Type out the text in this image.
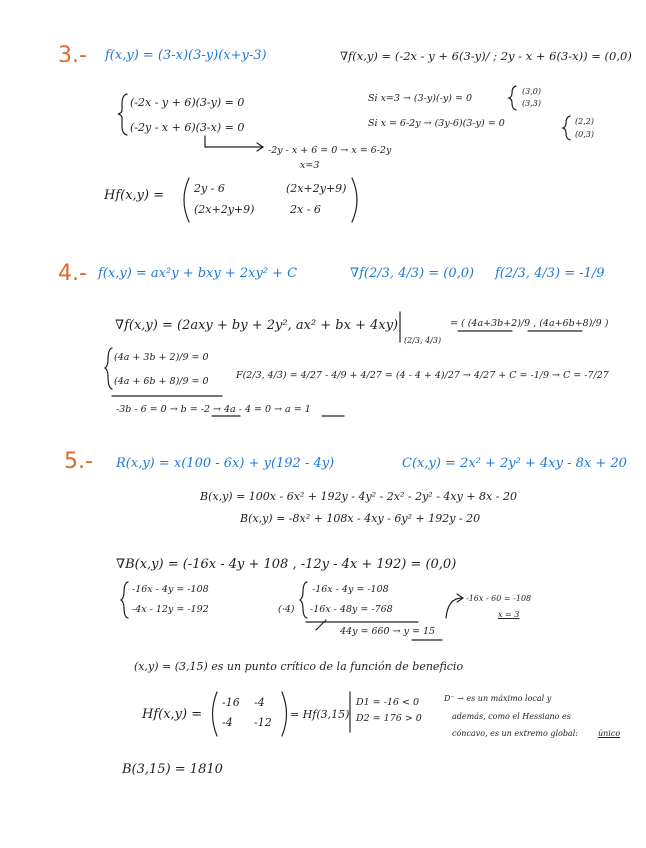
3.- f(x,y) = (3-x)(3-y)(x+y-3)	∇f(x,y) = (-2x - y + 6(3-y)/ ; 2y - x + 6(3-x)) = (0,0)
(-2x - y + 6)(3-y) = 0
(-2y - x + 6)(3-x) = 0
-2y - x + 6 = 0 → x = 6-2y
x=3
Si x=3 → (3-y)(-y) = 0
(3,0)
(3,3)
Si x = 6-2y → (3y-6)(3-y) = 0	(2,2)
(0,3)
Hf(x,y) =	2y - 6	(2x+2y+9)
(2x+2y+9)	2x - 6
4.- f(x,y) = ax²y + bxy + 2xy² + C	∇f(2/3, 4/3) = (0,0) f(2/3, 4/3) = -1/9
∇f(x,y) = (2axy + by + 2y², ax² + bx + 4xy)
(2/3, 4/3)
= ( (4a+3b+2)/9 , (4a+6b+8)/9 )
(4a + 3b + 2)/9 = 0
(4a + 6b + 8)/9 = 0
F(2/3, 4/3) = 4/27 - 4/9 + 4/27 = (4 - 4 + 4)/27 → 4/27 + C = -1/9 → C = -7/27
-3b - 6 = 0 → b = -2 → 4a - 4 = 0 → a = 1
5.- R(x,y) = x(100 - 6x) + y(192 - 4y)	C(x,y) = 2x² + 2y² + 4xy - 8x + 20
B(x,y) = 100x - 6x² + 192y - 4y² - 2x² - 2y² - 4xy + 8x - 20
B(x,y) = -8x² + 108x - 4xy - 6y² + 192y - 20
∇B(x,y) = (-16x - 4y + 108 , -12y - 4x + 192) = (0,0)
-16x - 4y = -108
-4x - 12y = -192	(·4)
-16x - 4y = -108
-16x - 48y = -768
44y = 660 → y = 15
-16x - 60 = -108
x = 3
(x,y) = (3,15) es un punto crítico de la función de beneficio
Hf(x,y) =
-16 -4
-4 -12
= Hf(3,15)
D1 = -16 < 0
D2 = 176 > 0
D⁻ → es un máximo local y
además, como el Hessiano es
cóncavo, es un extremo global:	único
B(3,15) = 1810
